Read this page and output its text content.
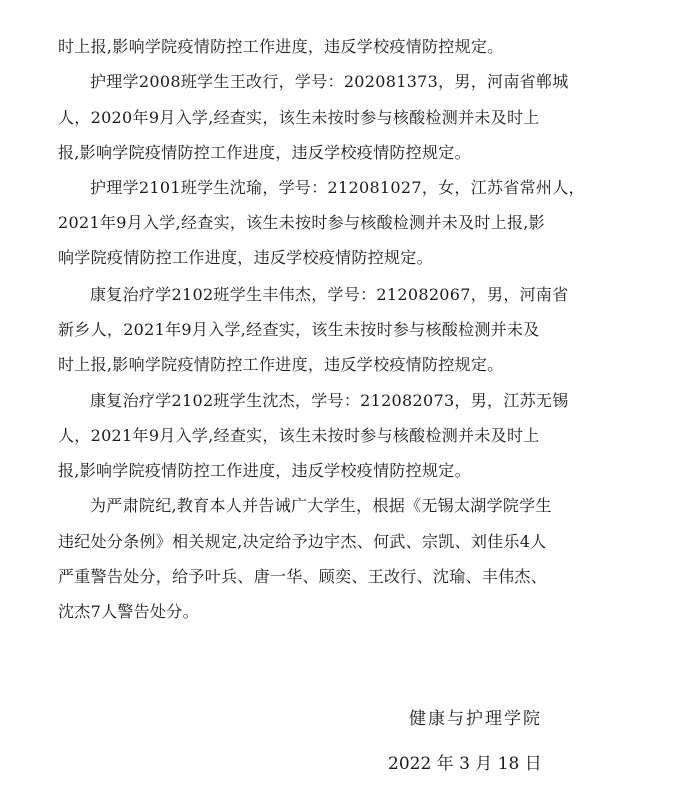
时上报,影响学院疫情防控工作进度，违反学校疫情防控规定。
护理学2008班学生王改行，学号：202081373，男，河南省郸城
人，2020年9月入学,经查实，该生未按时参与核酸检测并未及时上
报,影响学院疫情防控工作进度，违反学校疫情防控规定。
护理学2101班学生沈瑜，学号：212081027，女，江苏省常州人，
2021年9月入学,经查实，该生未按时参与核酸检测并未及时上报,影
响学院疫情防控工作进度，违反学校疫情防控规定。
康复治疗学2102班学生丰伟杰，学号：212082067，男，河南省
新乡人，2021年9月入学,经查实，该生未按时参与核酸检测并未及
时上报,影响学院疫情防控工作进度，违反学校疫情防控规定。
康复治疗学2102班学生沈杰，学号：212082073，男，江苏无锡
人，2021年9月入学,经查实，该生未按时参与核酸检测并未及时上
报,影响学院疫情防控工作进度，违反学校疫情防控规定。
为严肃院纪,教育本人并告诫广大学生，根据《无锡太湖学院学生
违纪处分条例》相关规定,决定给予边宇杰、何武、宗凯、刘佳乐4人
严重警告处分，给予叶兵、唐一华、顾奕、王改行、沈瑜、丰伟杰、
沈杰7人警告处分。
健康与护理学院
2022 年 3 月 18 日
